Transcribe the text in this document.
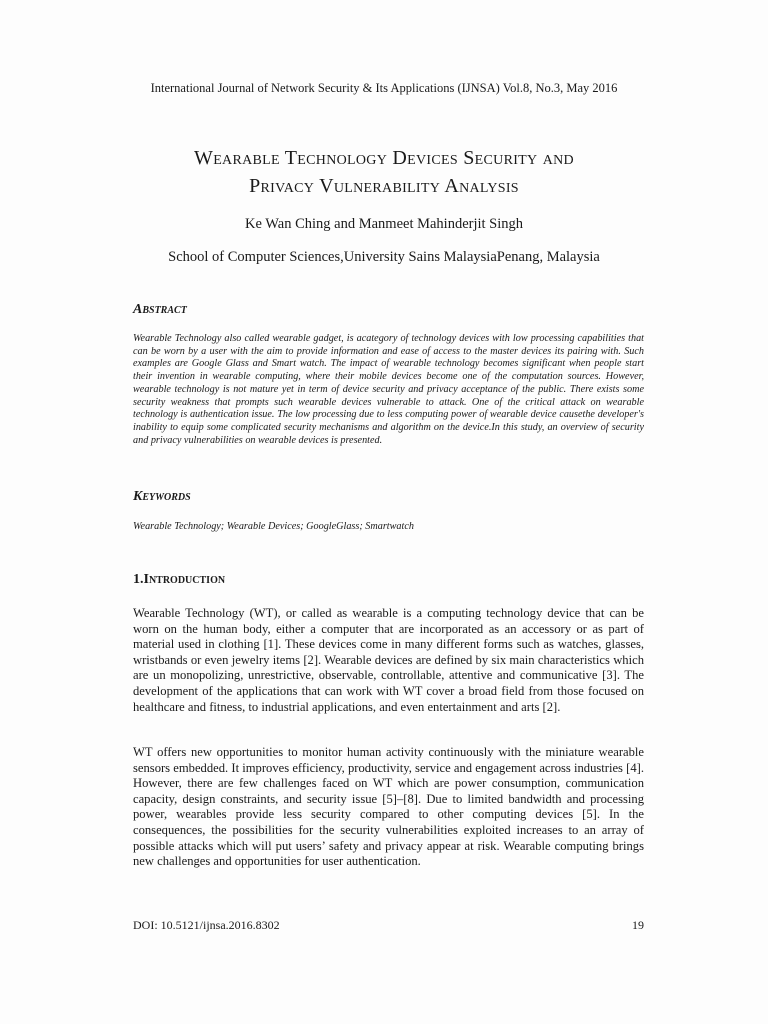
International Journal of Network Security & Its Applications (IJNSA) Vol.8, No.3, May 2016
Wearable Technology Devices Security and
Privacy Vulnerability Analysis
Ke Wan Ching and Manmeet Mahinderjit Singh
School of Computer Sciences,University Sains MalaysiaPenang, Malaysia
Abstract
Wearable Technology also called wearable gadget, is acategory of technology devices with low processing capabilities that can be worn by a user with the aim to provide information and ease of access to the master devices its pairing with. Such examples are Google Glass and Smart watch. The impact of wearable technology becomes significant when people start their invention in wearable computing, where their mobile devices become one of the computation sources. However, wearable technology is not mature yet in term of device security and privacy acceptance of the public. There exists some security weakness that prompts such wearable devices vulnerable to attack. One of the critical attack on wearable technology is authentication issue. The low processing due to less computing power of wearable device causethe developer's inability to equip some complicated security mechanisms and algorithm on the device.In this study, an overview of security and privacy vulnerabilities on wearable devices is presented.
Keywords
Wearable Technology; Wearable Devices; GoogleGlass; Smartwatch
1.Introduction
Wearable Technology (WT), or called as wearable is a computing technology device that can be worn on the human body, either a computer that are incorporated as an accessory or as part of material used in clothing [1]. These devices come in many different forms such as watches, glasses, wristbands or even jewelry items [2]. Wearable devices are defined by six main characteristics which are un monopolizing, unrestrictive, observable, controllable, attentive and communicative [3]. The development of the applications that can work with WT cover a broad field from those focused on healthcare and fitness, to industrial applications, and even entertainment and arts [2].
WT offers new opportunities to monitor human activity continuously with the miniature wearable sensors embedded. It improves efficiency, productivity, service and engagement across industries [4]. However, there are few challenges faced on WT which are power consumption, communication capacity, design constraints, and security issue [5]–[8]. Due to limited bandwidth and processing power, wearables provide less security compared to other computing devices [5]. In the consequences, the possibilities for the security vulnerabilities exploited increases to an array of possible attacks which will put users’ safety and privacy appear at risk. Wearable computing brings new challenges and opportunities for user authentication.
DOI: 10.5121/ijnsa.2016.8302	19
